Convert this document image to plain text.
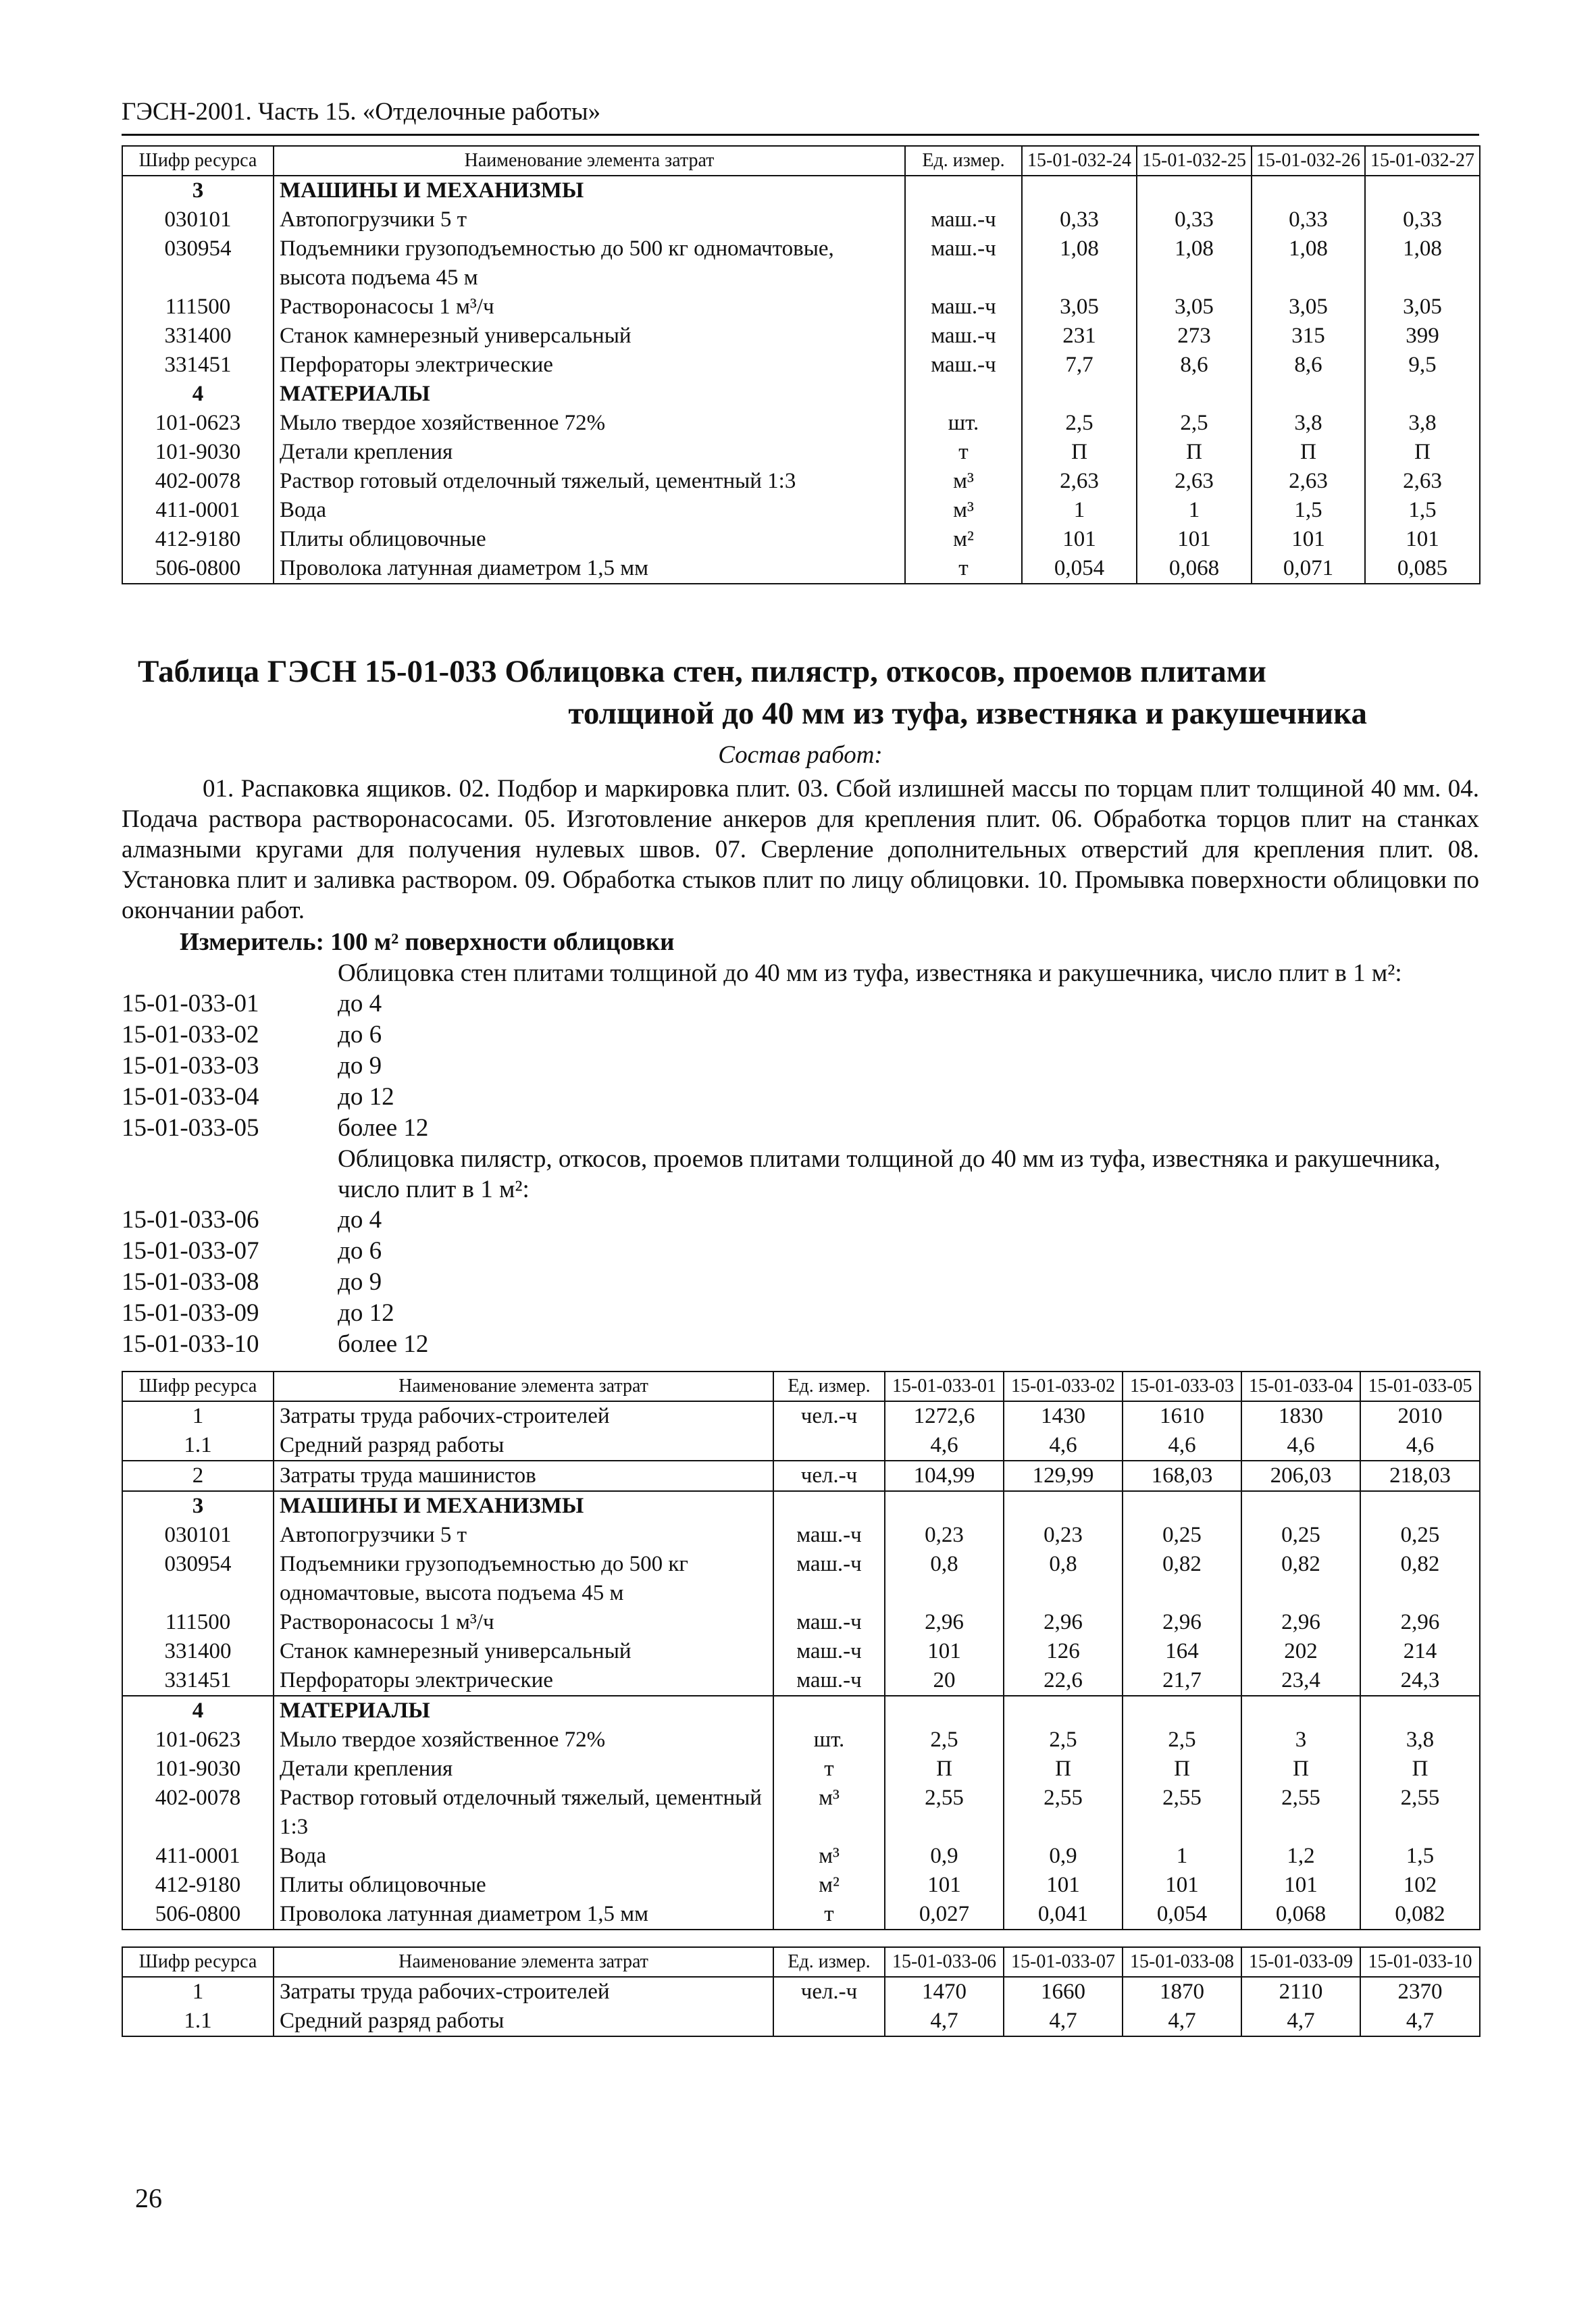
ГЭСН-2001. Часть 15. «Отделочные работы»
Шифр ресурса	Наименование элемента затрат	Ед. измер.	15-01-032-24	15-01-032-25	15-01-032-26	15-01-032-27
3	МАШИНЫ И МЕХАНИЗМЫ					
030101	Автопогрузчики 5 т	маш.-ч	0,33	0,33	0,33	0,33
030954	Подъемники грузоподъемностью до 500 кг одномачтовые, высота подъема 45 м	маш.-ч	1,08	1,08	1,08	1,08
111500	Растворонасосы 1 м³/ч	маш.-ч	3,05	3,05	3,05	3,05
331400	Станок камнерезный универсальный	маш.-ч	231	273	315	399
331451	Перфораторы электрические	маш.-ч	7,7	8,6	8,6	9,5
4	МАТЕРИАЛЫ					
101-0623	Мыло твердое хозяйственное 72%	шт.	2,5	2,5	3,8	3,8
101-9030	Детали крепления	т	П	П	П	П
402-0078	Раствор готовый отделочный тяжелый, цементный 1:3	м³	2,63	2,63	2,63	2,63
411-0001	Вода	м³	1	1	1,5	1,5
412-9180	Плиты облицовочные	м²	101	101	101	101
506-0800	Проволока латунная диаметром 1,5 мм	т	0,054	0,068	0,071	0,085
Таблица ГЭСН 15-01-033 Облицовка стен, пилястр, откосов, проемов плитами
толщиной до 40 мм из туфа, известняка и ракушечника
Состав работ:
01. Распаковка ящиков. 02. Подбор и маркировка плит. 03. Сбой излишней массы по торцам плит толщиной 40 мм. 04. Подача раствора растворонасосами. 05. Изготовление анкеров для крепления плит. 06. Обработка торцов плит на станках алмазными кругами для получения нулевых швов. 07. Сверление дополнительных отверстий для крепления плит. 08. Установка плит и заливка раствором. 09. Обработка стыков плит по лицу облицовки. 10. Промывка поверхности облицовки по окончании работ.
Измеритель: 100 м² поверхности облицовки
Облицовка стен плитами толщиной до 40 мм из туфа, известняка и ракушечника, число плит в 1 м²:
15-01-033-01	до 4
15-01-033-02	до 6
15-01-033-03	до 9
15-01-033-04	до 12
15-01-033-05	более 12
Облицовка пилястр, откосов, проемов плитами толщиной до 40 мм из туфа, известняка и ракушечника, число плит в 1 м²:
15-01-033-06	до 4
15-01-033-07	до 6
15-01-033-08	до 9
15-01-033-09	до 12
15-01-033-10	более 12
Шифр ресурса	Наименование элемента затрат	Ед. измер.	15-01-033-01	15-01-033-02	15-01-033-03	15-01-033-04	15-01-033-05
1	Затраты труда рабочих-строителей	чел.-ч	1272,6	1430	1610	1830	2010
1.1	Средний разряд работы		4,6	4,6	4,6	4,6	4,6
2	Затраты труда машинистов	чел.-ч	104,99	129,99	168,03	206,03	218,03
3	МАШИНЫ И МЕХАНИЗМЫ						
030101	Автопогрузчики 5 т	маш.-ч	0,23	0,23	0,25	0,25	0,25
030954	Подъемники грузоподъемностью до 500 кг одномачтовые, высота подъема 45 м	маш.-ч	0,8	0,8	0,82	0,82	0,82
111500	Растворонасосы 1 м³/ч	маш.-ч	2,96	2,96	2,96	2,96	2,96
331400	Станок камнерезный универсальный	маш.-ч	101	126	164	202	214
331451	Перфораторы электрические	маш.-ч	20	22,6	21,7	23,4	24,3
4	МАТЕРИАЛЫ						
101-0623	Мыло твердое хозяйственное 72%	шт.	2,5	2,5	2,5	3	3,8
101-9030	Детали крепления	т	П	П	П	П	П
402-0078	Раствор готовый отделочный тяжелый, цементный 1:3	м³	2,55	2,55	2,55	2,55	2,55
411-0001	Вода	м³	0,9	0,9	1	1,2	1,5
412-9180	Плиты облицовочные	м²	101	101	101	101	102
506-0800	Проволока латунная диаметром 1,5 мм	т	0,027	0,041	0,054	0,068	0,082
Шифр ресурса	Наименование элемента затрат	Ед. измер.	15-01-033-06	15-01-033-07	15-01-033-08	15-01-033-09	15-01-033-10
1	Затраты труда рабочих-строителей	чел.-ч	1470	1660	1870	2110	2370
1.1	Средний разряд работы		4,7	4,7	4,7	4,7	4,7
26
